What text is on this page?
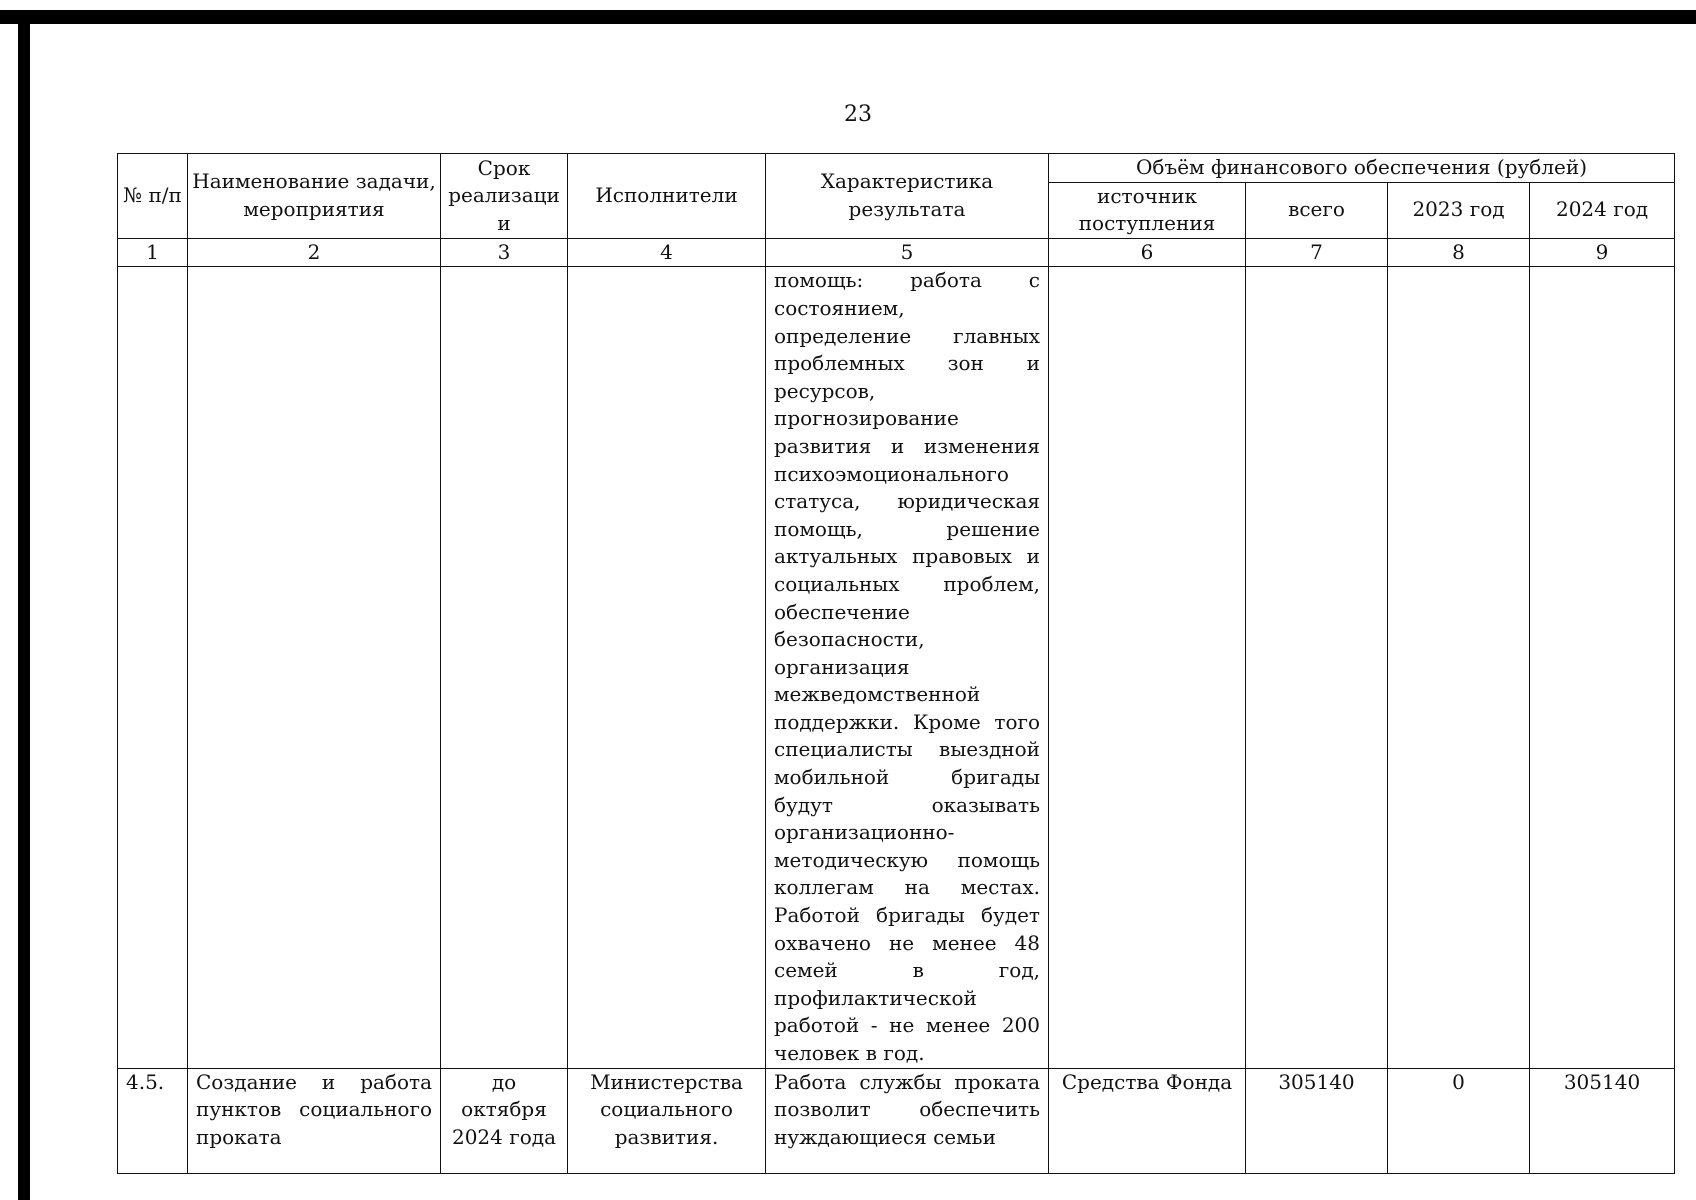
23
№ п/п	Наименование задачи, мероприятия	Срок реализации	Исполнители	Характеристика результата	Объём финансового обеспечения (рублей)			
					источник поступления	всего	2023 год	2024 год
1	2	3	4	5	6	7	8	9
				помощь: работа с состоянием, определение главных проблемных зон и ресурсов, прогнозирование развития и изменения психоэмоционального статуса, юридическая помощь, решение актуальных правовых и социальных проблем, обеспечение безопасности, организация межведомственной поддержки. Кроме того специалисты выездной мобильной бригады будут оказывать организационно-методическую помощь коллегам на местах. Работой бригады будет охвачено не менее 48 семей в год, профилактической работой - не менее 200 человек в год.				
4.5.	Создание и работа пунктов социального проката	до октября 2024 года	Министерства социального развития.	Работа службы проката позволит обеспечить нуждающиеся семьи	Средства Фонда	305140	0	305140
